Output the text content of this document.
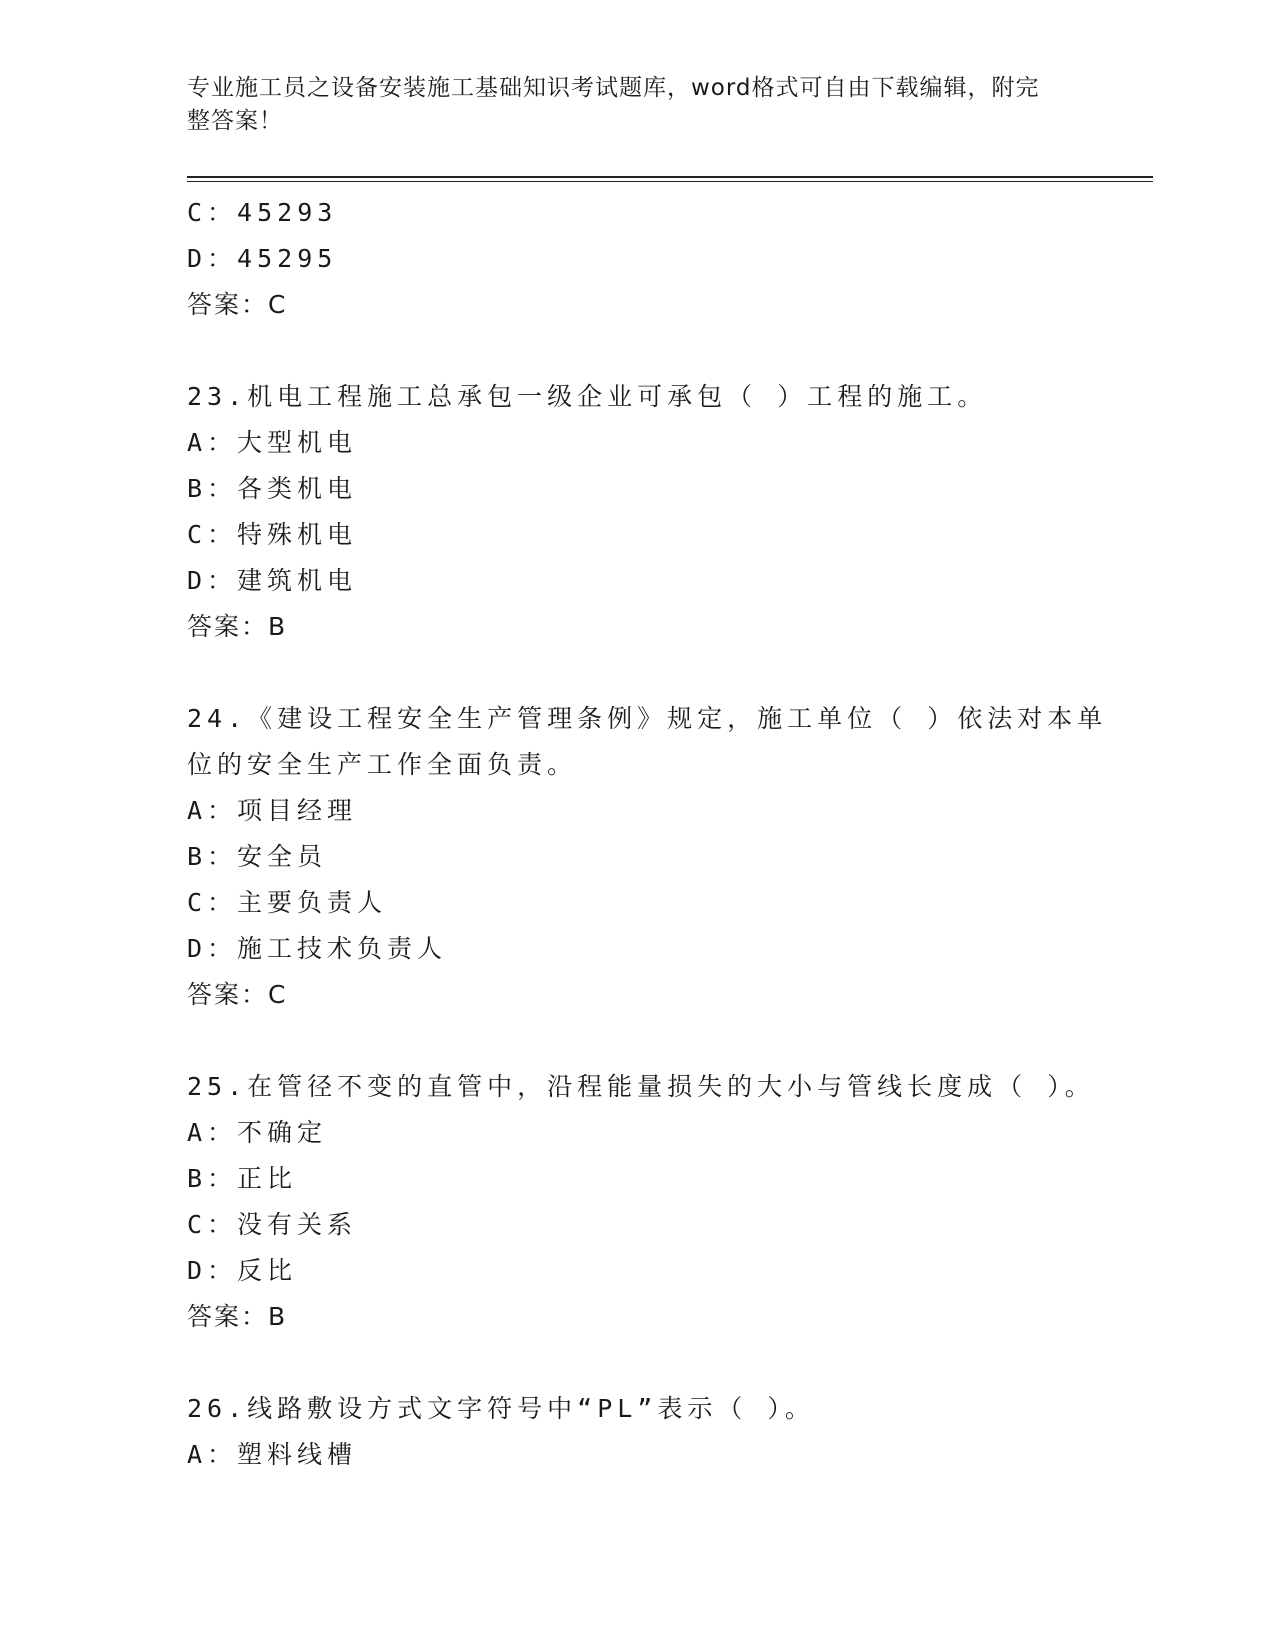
专业施工员之设备安装施工基础知识考试题库，word格式可自由下载编辑，附完
整答案！
C：45293
D：45295
答案：C
23.机电工程施工总承包一级企业可承包（ ）工程的施工。
A：大型机电
B：各类机电
C：特殊机电
D：建筑机电
答案：B
24.《建设工程安全生产管理条例》规定，施工单位（ ）依法对本单
位的安全生产工作全面负责。
A：项目经理
B：安全员
C：主要负责人
D：施工技术负责人
答案：C
25.在管径不变的直管中，沿程能量损失的大小与管线长度成（ ）。
A：不确定
B：正比
C：没有关系
D：反比
答案：B
26.线路敷设方式文字符号中“PL”表示（ ）。
A：塑料线槽
